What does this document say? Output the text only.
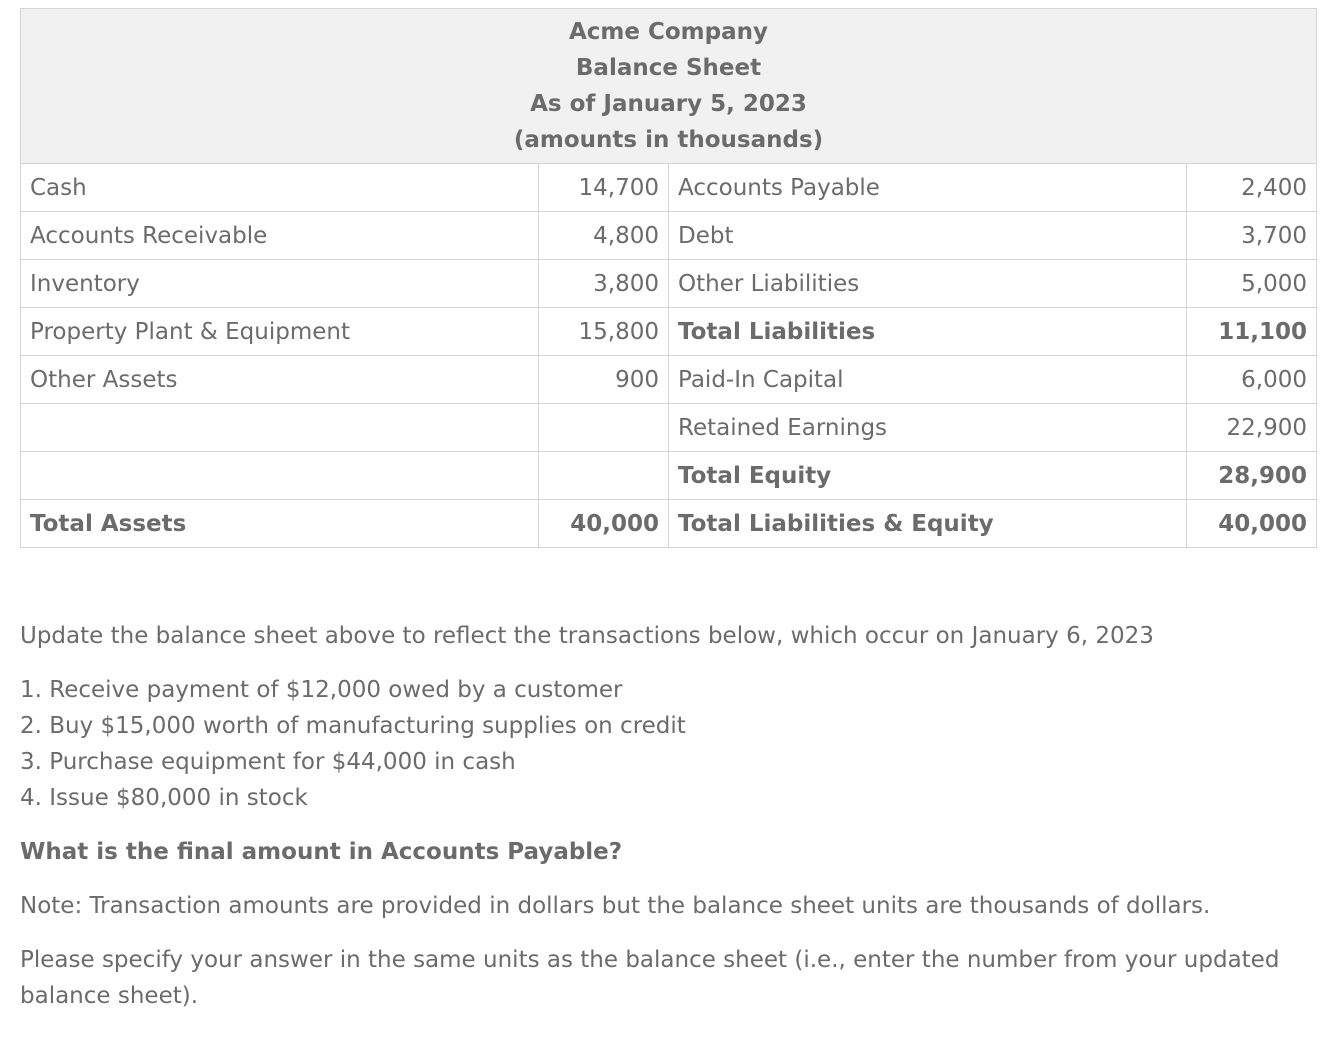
Acme Company
Balance Sheet
As of January 5, 2023
(amounts in thousands)			

Cash	14,700	Accounts Payable	2,400
Accounts Receivable	4,800	Debt	3,700
Inventory	3,800	Other Liabilities	5,000
Property Plant & Equipment	15,800	Total Liabilities	11,100
Other Assets	900	Paid-In Capital	6,000
		Retained Earnings	22,900
		Total Equity	28,900
Total Assets	40,000	Total Liabilities & Equity	40,000

Update the balance sheet above to reflect the transactions below, which occur on January 6, 2023

1. Receive payment of $12,000 owed by a customer
2. Buy $15,000 worth of manufacturing supplies on credit
3. Purchase equipment for $44,000 in cash
4. Issue $80,000 in stock

What is the final amount in Accounts Payable?

Note: Transaction amounts are provided in dollars but the balance sheet units are thousands of dollars.

Please specify your answer in the same units as the balance sheet (i.e., enter the number from your updated balance sheet).
